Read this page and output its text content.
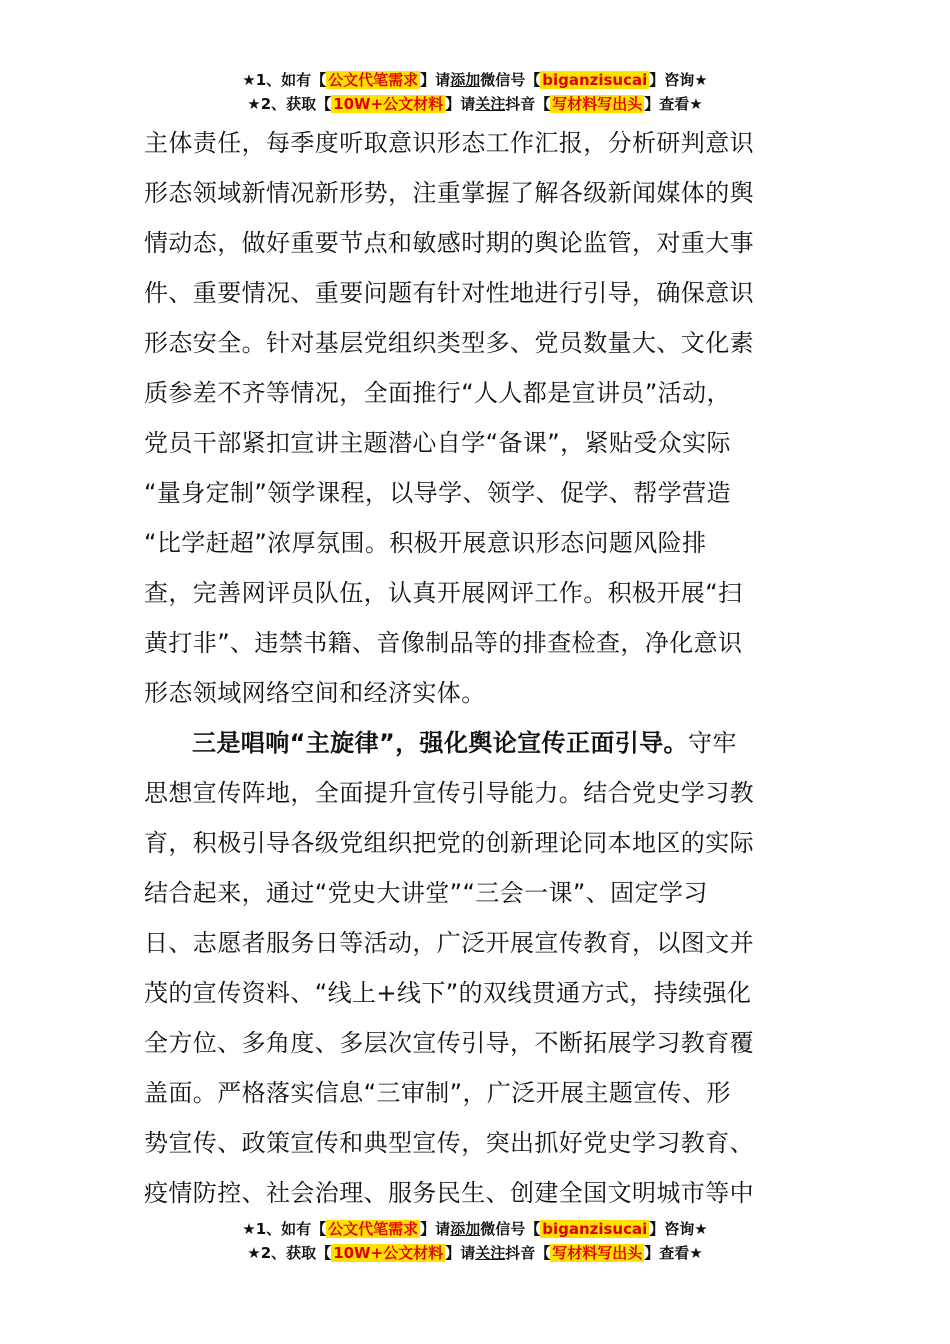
★1、如有【 公文代笔需求 】请添加微信号【 biganzisucai 】咨询★
★2、获取【 10W+公文材料 】请关注抖音【 写材料写出头 】查看★
主体责任，每季度听取意识形态工作汇报，分析研判意识
形态领域新情况新形势，注重掌握了解各级新闻媒体的舆
情动态，做好重要节点和敏感时期的舆论监管，对重大事
件、重要情况、重要问题有针对性地进行引导，确保意识
形态安全。针对基层党组织类型多、党员数量大、文化素
质参差不齐等情况，全面推行“人人都是宣讲员”活动，
党员干部紧扣宣讲主题潜心自学“备课”，紧贴受众实际
“量身定制”领学课程，以导学、领学、促学、帮学营造
“比学赶超”浓厚氛围。积极开展意识形态问题风险排
查，完善网评员队伍，认真开展网评工作。积极开展“扫
黄打非”、违禁书籍、音像制品等的排查检查，净化意识
形态领域网络空间和经济实体。
三是唱响“主旋律”，强化舆论宣传正面引导。守牢
思想宣传阵地，全面提升宣传引导能力。结合党史学习教
育，积极引导各级党组织把党的创新理论同本地区的实际
结合起来，通过“党史大讲堂”“三会一课”、固定学习
日、志愿者服务日等活动，广泛开展宣传教育，以图文并
茂的宣传资料、“线上+线下”的双线贯通方式，持续强化
全方位、多角度、多层次宣传引导，不断拓展学习教育覆
盖面。严格落实信息“三审制”，广泛开展主题宣传、形
势宣传、政策宣传和典型宣传，突出抓好党史学习教育、
疫情防控、社会治理、服务民生、创建全国文明城市等中
★1、如有【 公文代笔需求 】请添加微信号【 biganzisucai 】咨询★
★2、获取【 10W+公文材料 】请关注抖音【 写材料写出头 】查看★
